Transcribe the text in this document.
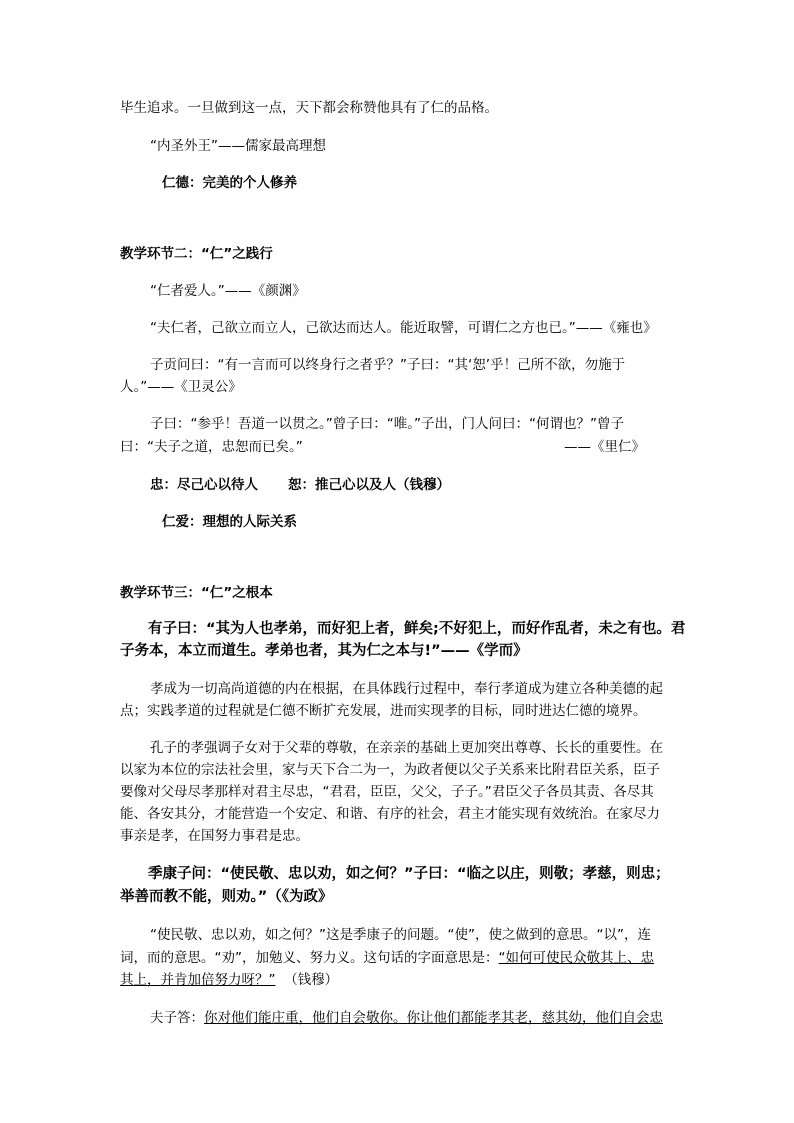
毕生追求。一旦做到这一点，天下都会称赞他具有了仁的品格。
“内圣外王”——儒家最高理想
仁德：完美的个人修养
教学环节二：“仁”之践行
“仁者爱人。”——《颜渊》
“夫仁者，己欲立而立人，己欲达而达人。能近取譬，可谓仁之方也已。”——《雍也》
子贡问曰：“有一言而可以终身行之者乎？”子曰：“其‘恕’乎！己所不欲，勿施于
人。”——《卫灵公》
子曰：“参乎！吾道一以贯之。”曾子曰：“唯。”子出，门人问曰：“何谓也？”曾子
曰：“夫子之道，忠恕而已矣。”	——《里仁》
忠：尽己心以待人 恕：推己心以及人（钱穆）
仁爱：理想的人际关系
教学环节三：“仁”之根本
有子曰：“其为人也孝弟，而好犯上者，鲜矣;不好犯上，而好作乱者，未之有也。君
子务本，本立而道生。孝弟也者，其为仁之本与!”——《学而》
孝成为一切高尚道德的内在根据，在具体践行过程中，奉行孝道成为建立各种美德的起
点；实践孝道的过程就是仁德不断扩充发展，进而实现孝的目标，同时进达仁德的境界。
孔子的孝强调子女对于父辈的尊敬，在亲亲的基础上更加突出尊尊、长长的重要性。在
以家为本位的宗法社会里，家与天下合二为一，为政者便以父子关系来比附君臣关系，臣子
要像对父母尽孝那样对君主尽忠，“君君，臣臣，父父，子子。”君臣父子各员其责、各尽其
能、各安其分，才能营造一个安定、和谐、有序的社会，君主才能实现有效统治。在家尽力
事亲是孝，在国努力事君是忠。
季康子问：“使民敬、忠以劝，如之何？”子曰：“临之以庄，则敬；孝慈，则忠；
举善而教不能，则劝。”（《为政》
“使民敬、忠以劝，如之何？”这是季康子的问题。“使”，使之做到的意思。“以”，连
词，而的意思。“劝”，加勉义、努力义。这句话的字面意思是：“如何可使民众敬其上、忠
其上，并肯加倍努力呀？” （钱穆）
夫子答：你对他们能庄重，他们自会敬你。你让他们都能孝其老，慈其幼，他们自会忠
